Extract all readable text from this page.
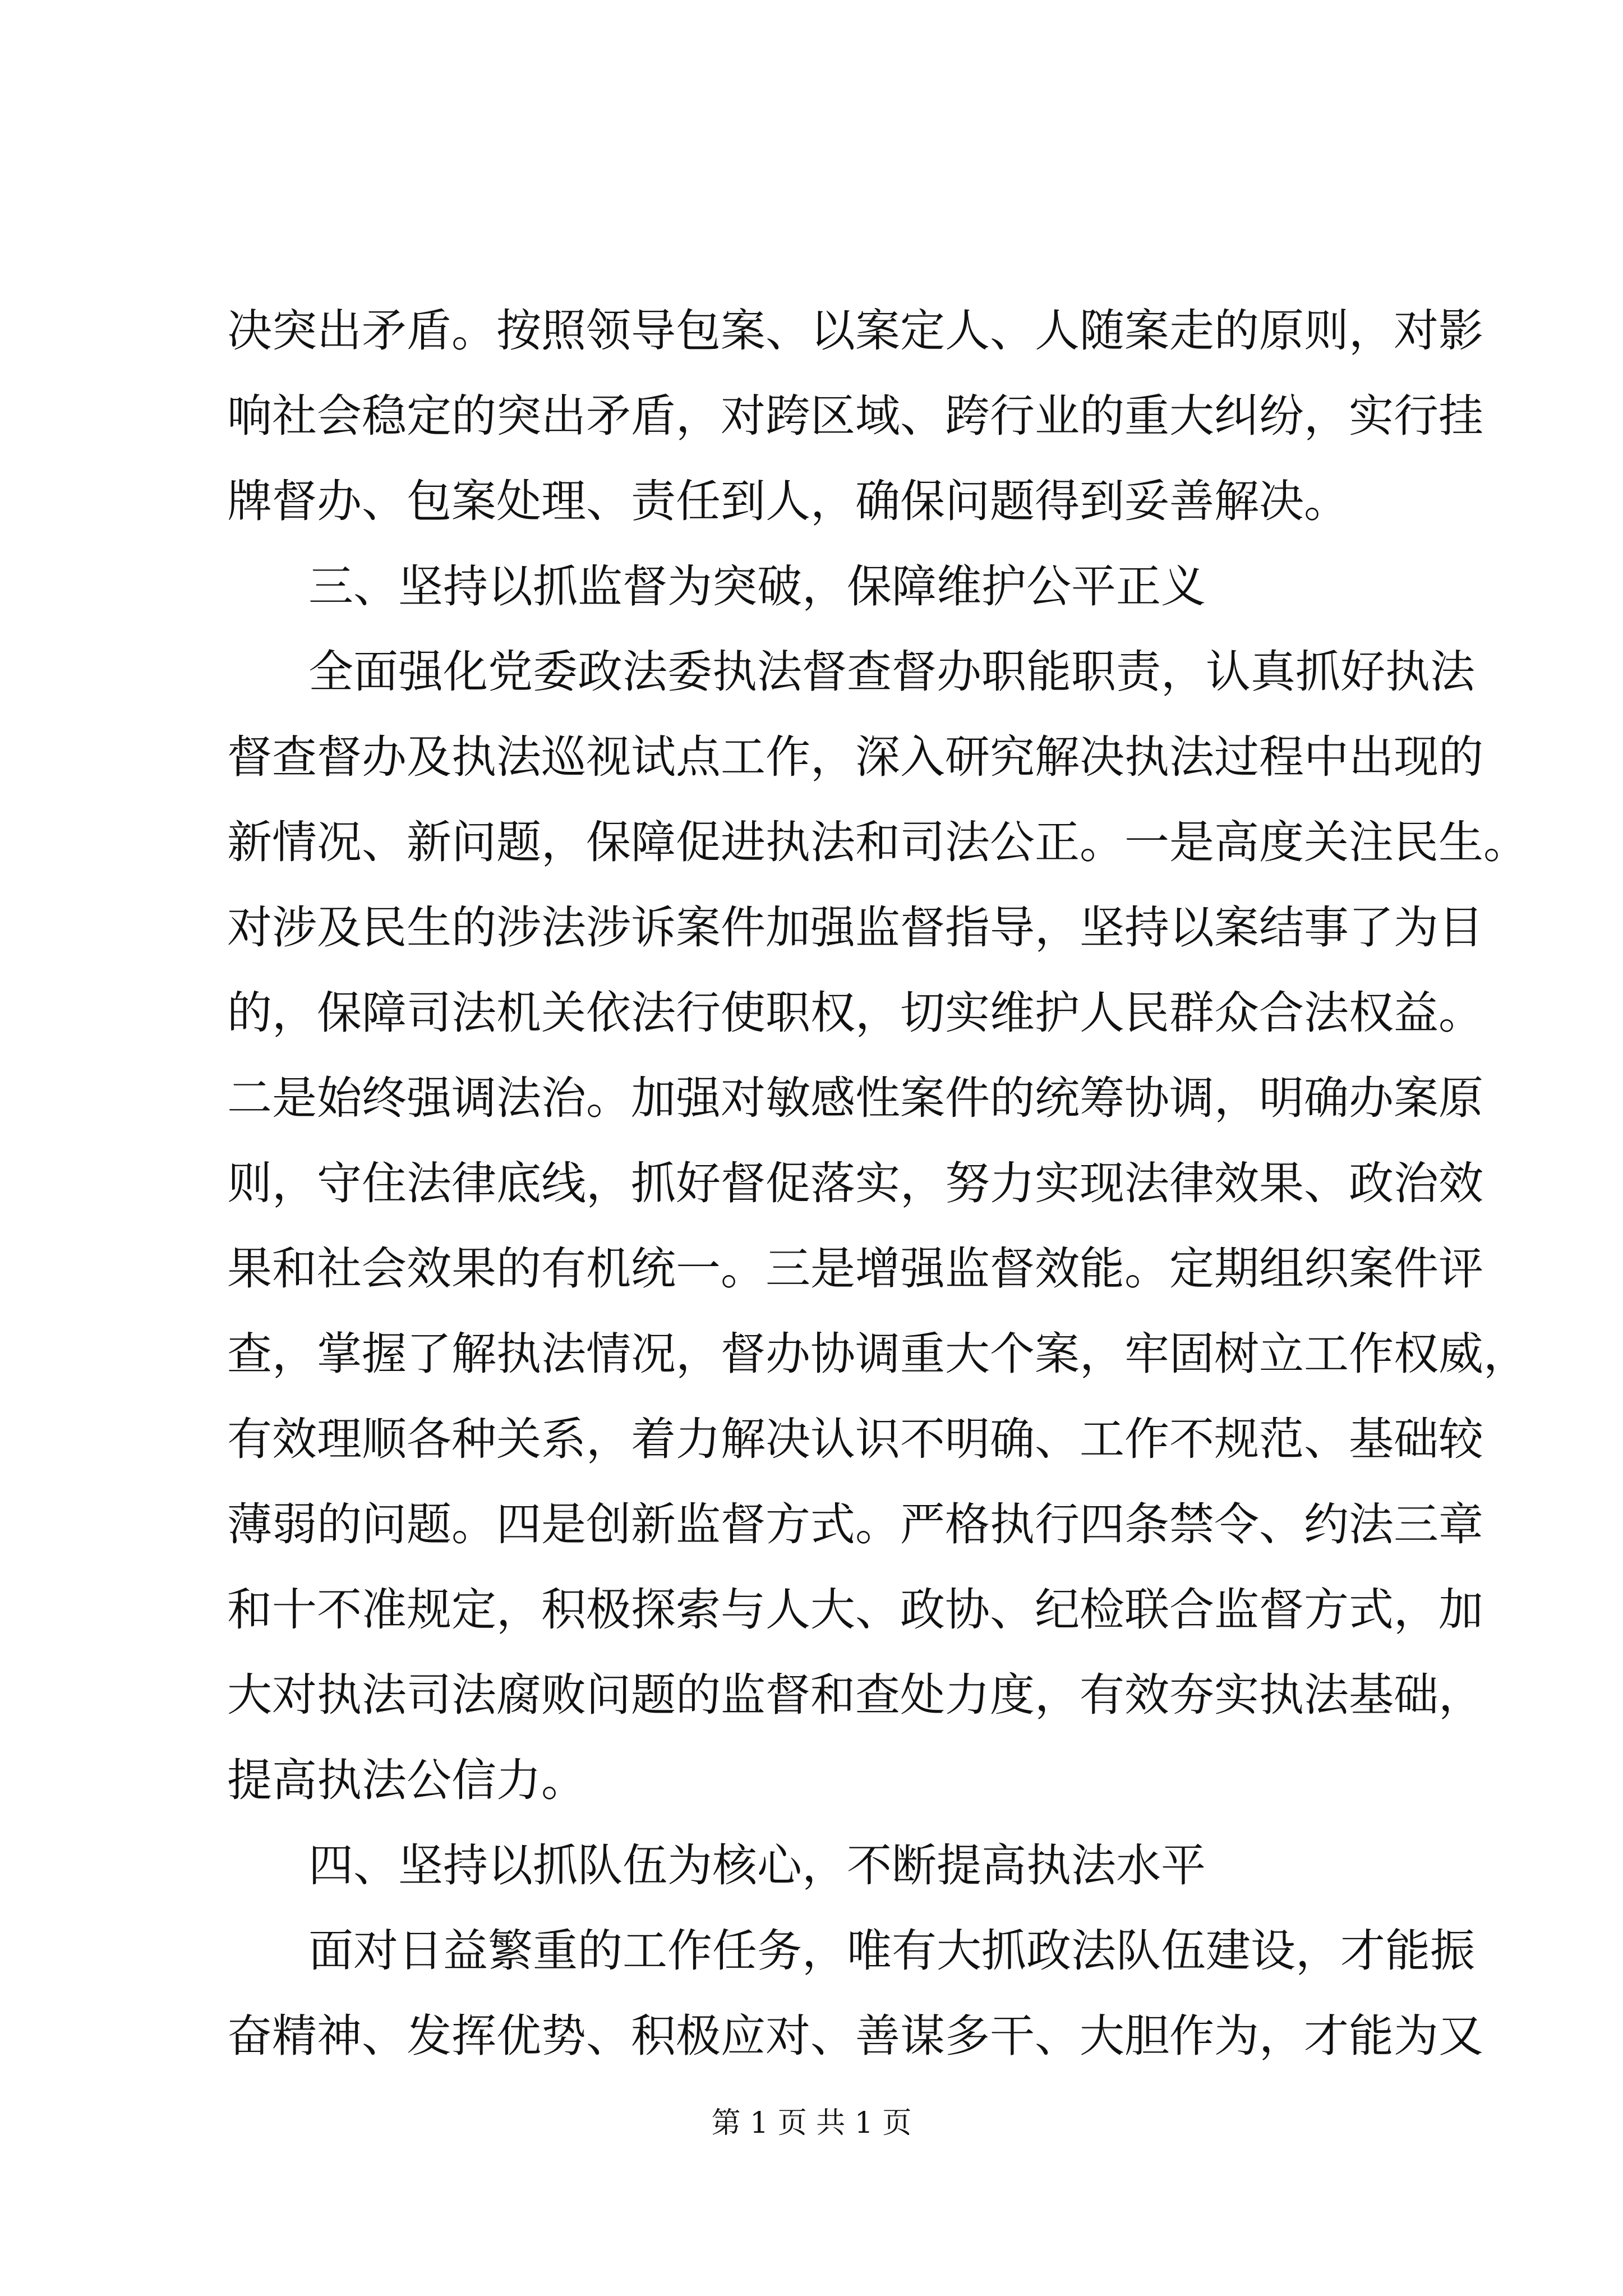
决突出矛盾。按照领导包案、以案定人、人随案走的原则，对影
响社会稳定的突出矛盾，对跨区域、跨行业的重大纠纷，实行挂
牌督办、包案处理、责任到人，确保问题得到妥善解决。
三、坚持以抓监督为突破，保障维护公平正义
全面强化党委政法委执法督查督办职能职责，认真抓好执法
督查督办及执法巡视试点工作，深入研究解决执法过程中出现的
新情况、新问题，保障促进执法和司法公正。一是高度关注民生。
对涉及民生的涉法涉诉案件加强监督指导，坚持以案结事了为目
的，保障司法机关依法行使职权，切实维护人民群众合法权益。
二是始终强调法治。加强对敏感性案件的统筹协调，明确办案原
则，守住法律底线，抓好督促落实，努力实现法律效果、政治效
果和社会效果的有机统一。三是增强监督效能。定期组织案件评
查，掌握了解执法情况，督办协调重大个案，牢固树立工作权威，
有效理顺各种关系，着力解决认识不明确、工作不规范、基础较
薄弱的问题。四是创新监督方式。严格执行四条禁令、约法三章
和十不准规定，积极探索与人大、政协、纪检联合监督方式，加
大对执法司法腐败问题的监督和查处力度，有效夯实执法基础，
提高执法公信力。
四、坚持以抓队伍为核心，不断提高执法水平
面对日益繁重的工作任务，唯有大抓政法队伍建设，才能振
奋精神、发挥优势、积极应对、善谋多干、大胆作为，才能为又
第 1 页 共 1 页
